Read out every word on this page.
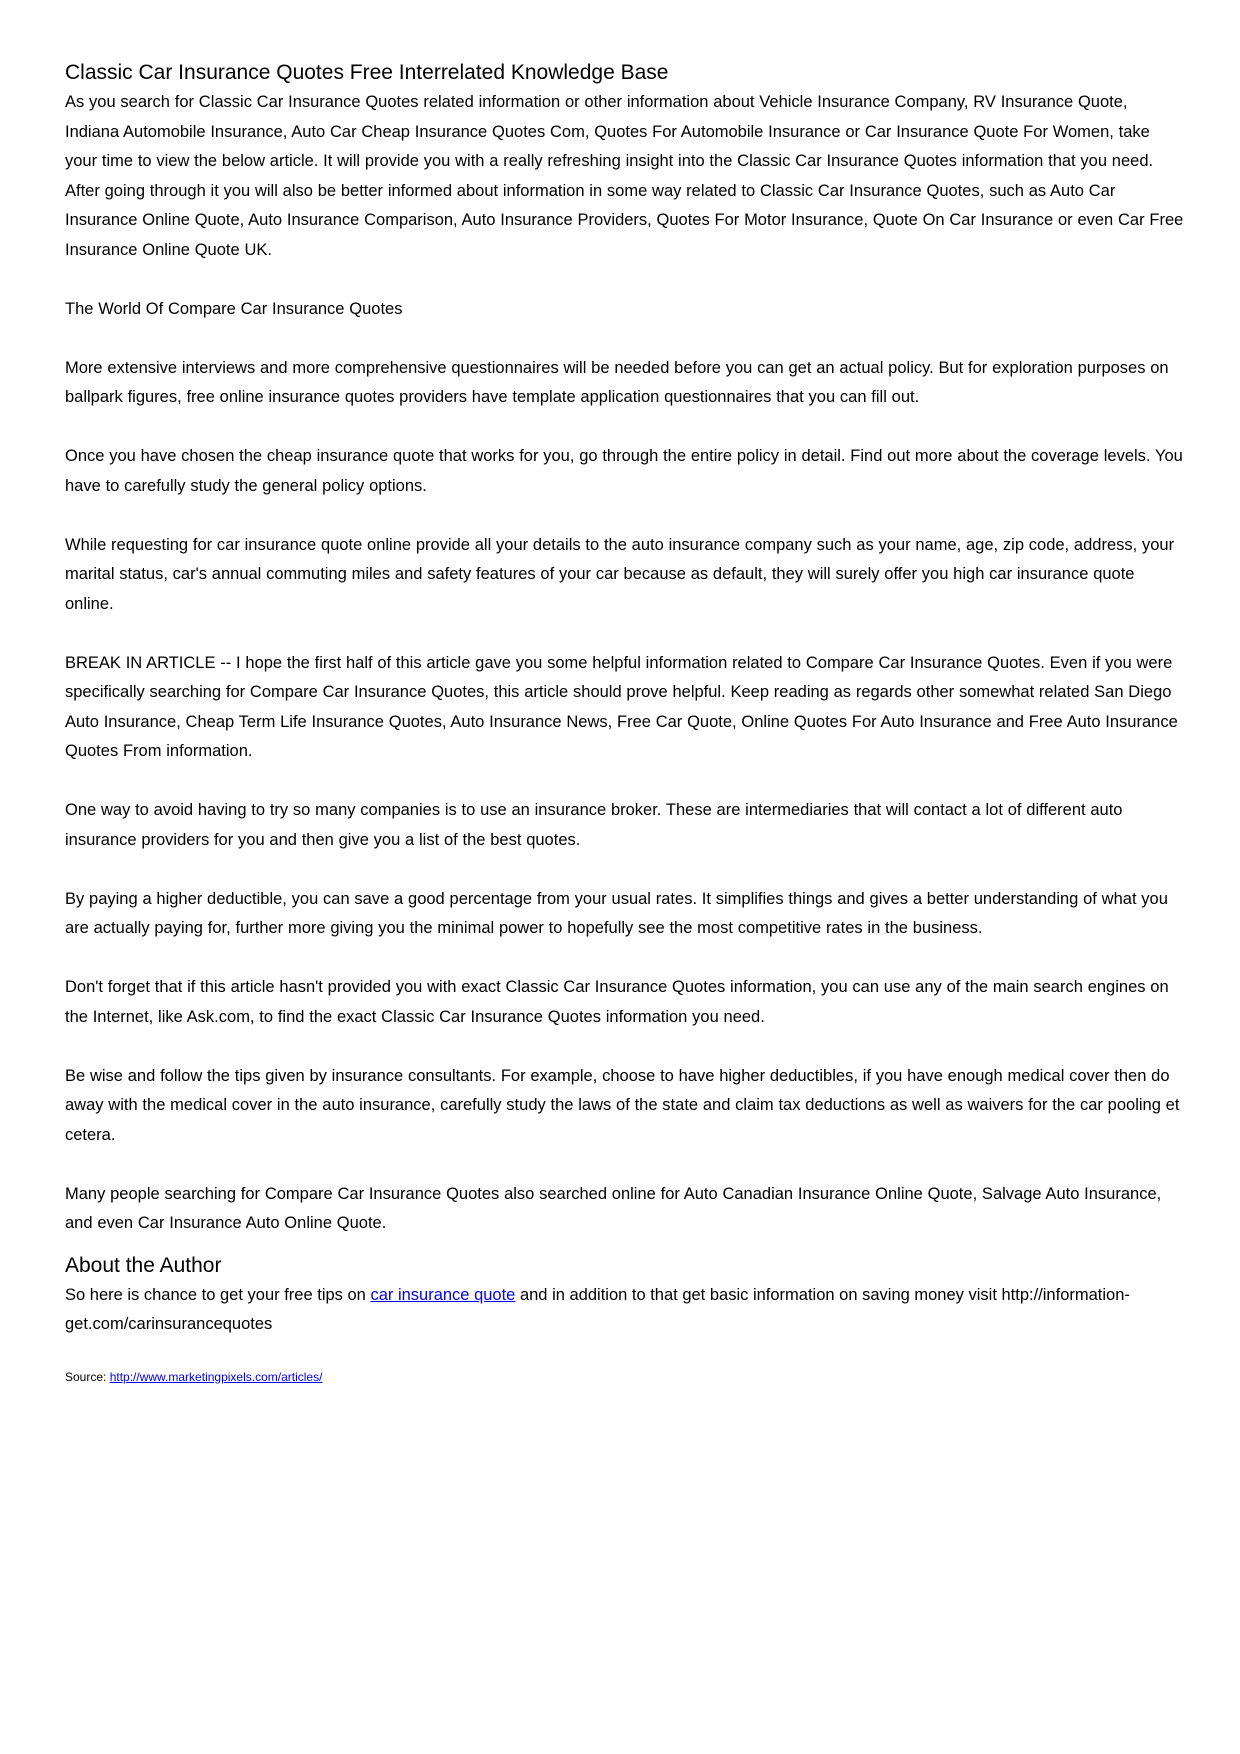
Classic Car Insurance Quotes Free Interrelated Knowledge Base

As you search for Classic Car Insurance Quotes related information or other information about Vehicle Insurance Company, RV Insurance Quote, Indiana Automobile Insurance, Auto Car Cheap Insurance Quotes Com, Quotes For Automobile Insurance or Car Insurance Quote For Women, take your time to view the below article. It will provide you with a really refreshing insight into the Classic Car Insurance Quotes information that you need. After going through it you will also be better informed about information in some way related to Classic Car Insurance Quotes, such as Auto Car Insurance Online Quote, Auto Insurance Comparison, Auto Insurance Providers, Quotes For Motor Insurance, Quote On Car Insurance or even Car Free Insurance Online Quote UK.

The World Of Compare Car Insurance Quotes

More extensive interviews and more comprehensive questionnaires will be needed before you can get an actual policy. But for exploration purposes on ballpark figures, free online insurance quotes providers have template application questionnaires that you can fill out.

Once you have chosen the cheap insurance quote that works for you, go through the entire policy in detail. Find out more about the coverage levels. You have to carefully study the general policy options.

While requesting for car insurance quote online provide all your details to the auto insurance company such as your name, age, zip code, address, your marital status, car's annual commuting miles and safety features of your car because as default, they will surely offer you high car insurance quote online.

BREAK IN ARTICLE -- I hope the first half of this article gave you some helpful information related to Compare Car Insurance Quotes. Even if you were specifically searching for Compare Car Insurance Quotes, this article should prove helpful. Keep reading as regards other somewhat related San Diego Auto Insurance, Cheap Term Life Insurance Quotes, Auto Insurance News, Free Car Quote, Online Quotes For Auto Insurance and Free Auto Insurance Quotes From information.

One way to avoid having to try so many companies is to use an insurance broker. These are intermediaries that will contact a lot of different auto insurance providers for you and then give you a list of the best quotes.

By paying a higher deductible, you can save a good percentage from your usual rates. It simplifies things and gives a better understanding of what you are actually paying for, further more giving you the minimal power to hopefully see the most competitive rates in the business.

Don't forget that if this article hasn't provided you with exact Classic Car Insurance Quotes information, you can use any of the main search engines on the Internet, like Ask.com, to find the exact Classic Car Insurance Quotes information you need.

Be wise and follow the tips given by insurance consultants. For example, choose to have higher deductibles, if you have enough medical cover then do away with the medical cover in the auto insurance, carefully study the laws of the state and claim tax deductions as well as waivers for the car pooling et cetera.

Many people searching for Compare Car Insurance Quotes also searched online for Auto Canadian Insurance Online Quote, Salvage Auto Insurance, and even Car Insurance Auto Online Quote.

About the Author

So here is chance to get your free tips on car insurance quote and in addition to that get basic information on saving money visit http://information-get.com/carinsurancequotes

Source: http://www.marketingpixels.com/articles/
